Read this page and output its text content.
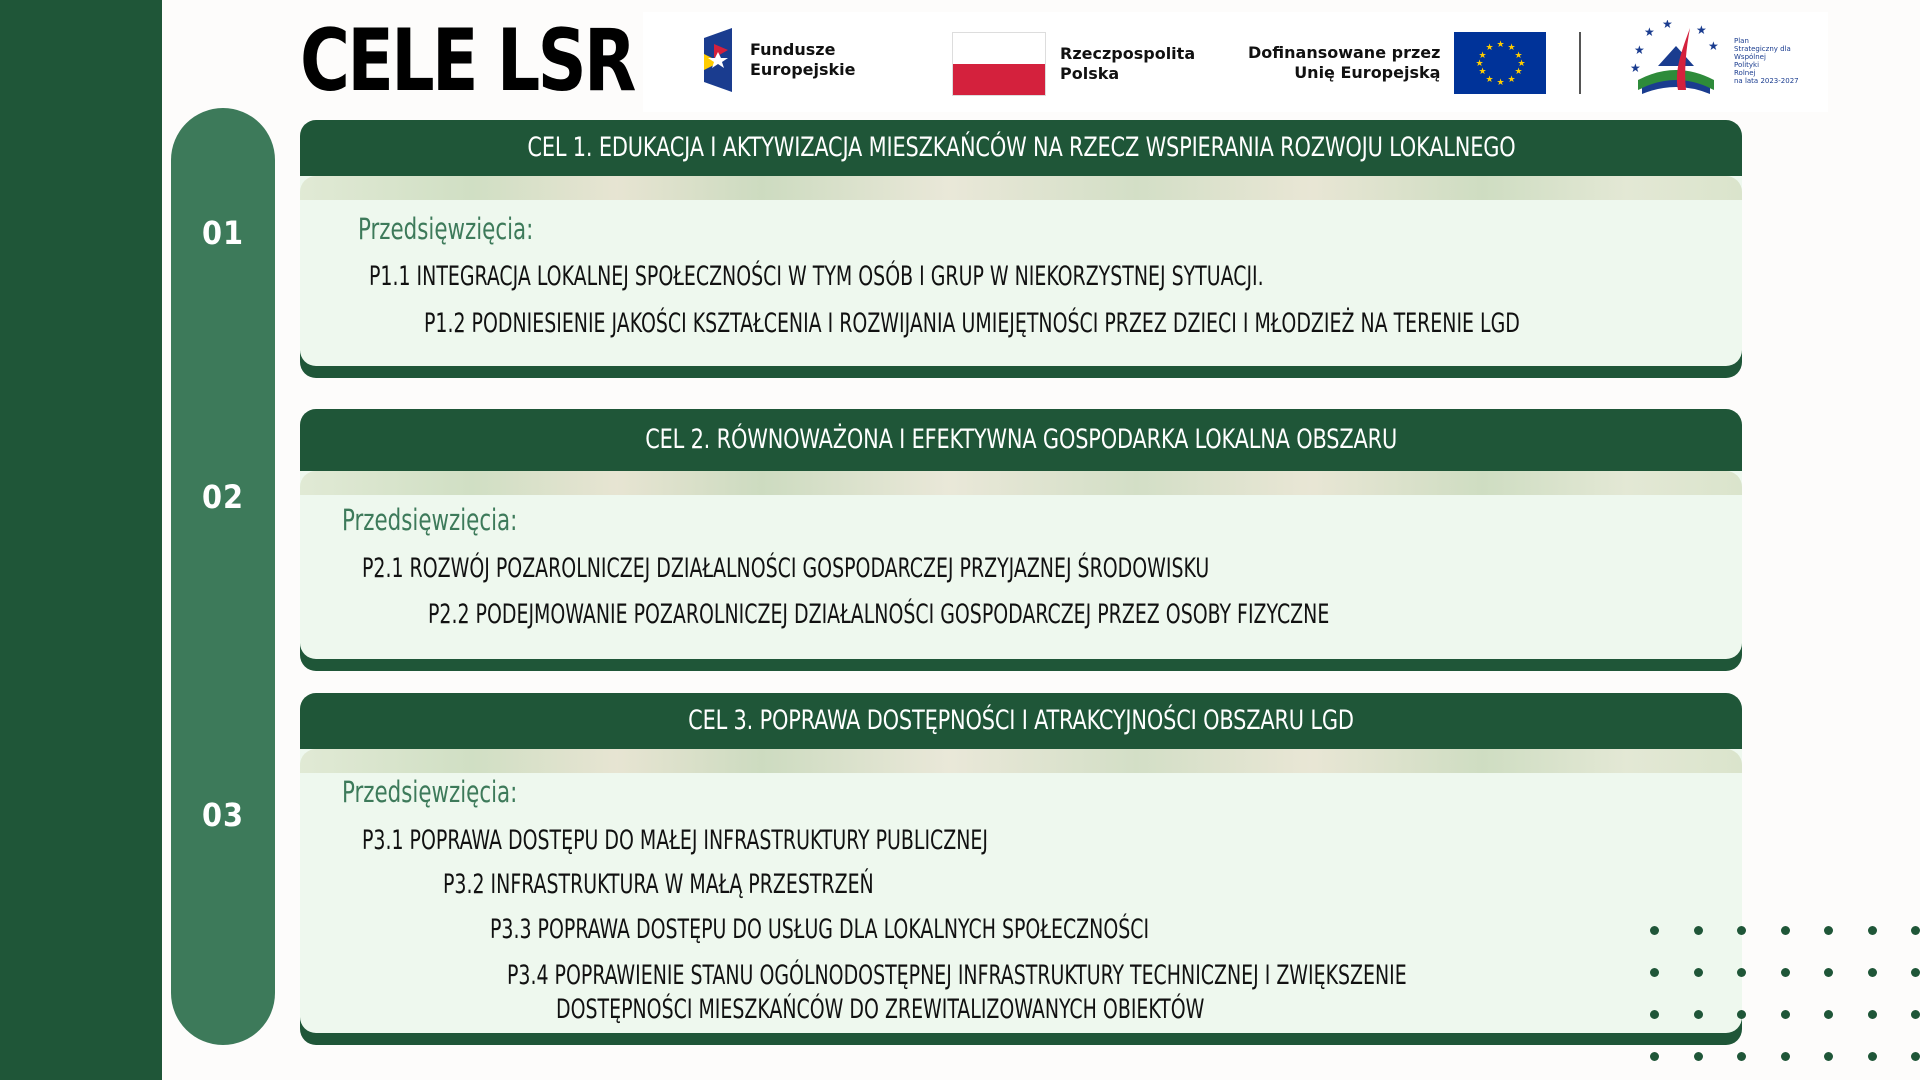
01
02
03
CELE LSR	Fundusze
Europejskie
Rzeczpospolita
Polska
Dofinansowane przez
Unię Europejską
★ ★
★
★
★
★
★
★
★
★
★
★	★
★
★ ★
★
★
Plan
Strategiczny dla
Wspólnej
Polityki
Rolnej
na lata 2023-2027
CEL 1. EDUKACJA I AKTYWIZACJA MIESZKAŃCÓW NA RZECZ WSPIERANIA ROZWOJU LOKALNEGO
Przedsięwzięcia:
P1.1 INTEGRACJA LOKALNEJ SPOŁECZNOŚCI W TYM OSÓB I GRUP W NIEKORZYSTNEJ SYTUACJI.
P1.2 PODNIESIENIE JAKOŚCI KSZTAŁCENIA I ROZWIJANIA UMIEJĘTNOŚCI PRZEZ DZIECI I MŁODZIEŻ NA TERENIE LGD
CEL 2. RÓWNOWAŻONA I EFEKTYWNA GOSPODARKA LOKALNA OBSZARU
Przedsięwzięcia:
P2.1 ROZWÓJ POZAROLNICZEJ DZIAŁALNOŚCI GOSPODARCZEJ PRZYJAZNEJ ŚRODOWISKU
P2.2 PODEJMOWANIE POZAROLNICZEJ DZIAŁALNOŚCI GOSPODARCZEJ PRZEZ OSOBY FIZYCZNE
CEL 3. POPRAWA DOSTĘPNOŚCI I ATRAKCYJNOŚCI OBSZARU LGD
Przedsięwzięcia:
P3.1 POPRAWA DOSTĘPU DO MAŁEJ INFRASTRUKTURY PUBLICZNEJ
P3.2 INFRASTRUKTURA W MAŁĄ PRZESTRZEŃ
P3.3 POPRAWA DOSTĘPU DO USŁUG DLA LOKALNYCH SPOŁECZNOŚCI
P3.4 POPRAWIENIE STANU OGÓLNODOSTĘPNEJ INFRASTRUKTURY TECHNICZNEJ I ZWIĘKSZENIE
DOSTĘPNOŚCI MIESZKAŃCÓW DO ZREWITALIZOWANYCH OBIEKTÓW
